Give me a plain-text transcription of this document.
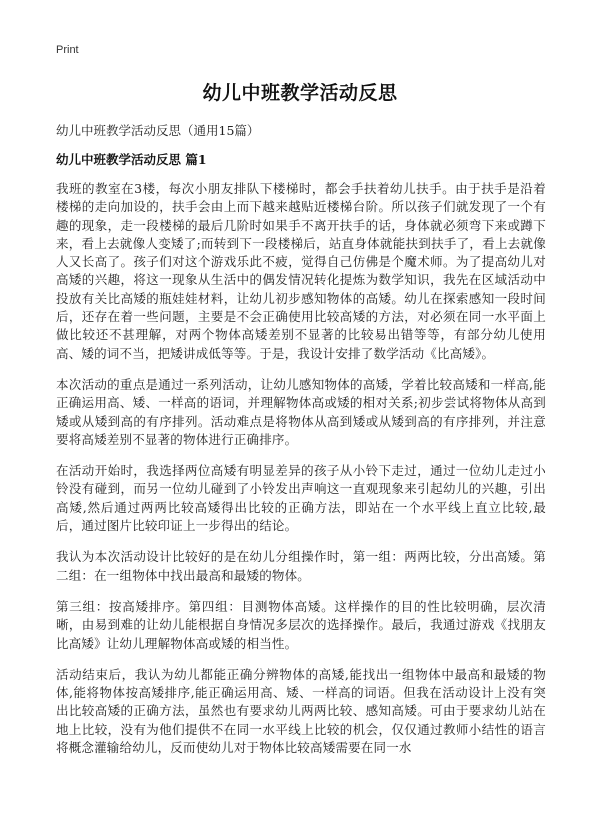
Print
幼儿中班教学活动反思
幼儿中班教学活动反思（通用15篇）
幼儿中班教学活动反思 篇1

我班的教室在3楼，每次小朋友排队下楼梯时，都会手扶着幼儿扶手。由于扶手是沿着楼梯的走向加设的，扶手会由上而下越来越贴近楼梯台阶。所以孩子们就发现了一个有趣的现象，走一段楼梯的最后几阶时如果手不离开扶手的话，身体就必须弯下来或蹲下来，看上去就像人变矮了;而转到下一段楼梯后，站直身体就能扶到扶手了，看上去就像人又长高了。孩子们对这个游戏乐此不疲，觉得自己仿佛是个魔术师。为了提高幼儿对高矮的兴趣，将这一现象从生活中的偶发情况转化提炼为数学知识，我先在区域活动中投放有关比高矮的瓶娃娃材料，让幼儿初步感知物体的高矮。幼儿在探索感知一段时间后，还存在着一些问题，主要是不会正确使用比较高矮的方法，对必须在同一水平面上做比较还不甚理解，对两个物体高矮差别不显著的比较易出错等等，有部分幼儿使用高、矮的词不当，把矮讲成低等等。于是，我设计安排了数学活动《比高矮》。

本次活动的重点是通过一系列活动，让幼儿感知物体的高矮，学着比较高矮和一样高,能正确运用高、矮、一样高的语词，并理解物体高或矮的相对关系;初步尝试将物体从高到矮或从矮到高的有序排列。活动难点是将物体从高到矮或从矮到高的有序排列，并注意要将高矮差别不显著的物体进行正确排序。

在活动开始时，我选择两位高矮有明显差异的孩子从小铃下走过，通过一位幼儿走过小铃没有碰到，而另一位幼儿碰到了小铃发出声响这一直观现象来引起幼儿的兴趣，引出高矮,然后通过两两比较高矮得出比较的正确方法，即站在一个水平线上直立比较,最后，通过图片比较印证上一步得出的结论。

我认为本次活动设计比较好的是在幼儿分组操作时，第一组：两两比较，分出高矮。第二组：在一组物体中找出最高和最矮的物体。

第三组：按高矮排序。第四组：目测物体高矮。这样操作的目的性比较明确，层次清晰，由易到难的让幼儿能根据自身情况多层次的选择操作。最后，我通过游戏《找朋友比高矮》让幼儿理解物体高或矮的相当性。

活动结束后，我认为幼儿都能正确分辨物体的高矮,能找出一组物体中最高和最矮的物体,能将物体按高矮排序,能正确运用高、矮、一样高的词语。但我在活动设计上没有突出比较高矮的正确方法，虽然也有要求幼儿两两比较、感知高矮。可由于要求幼儿站在地上比较，没有为他们提供不在同一水平线上比较的机会，仅仅通过教师小结性的语言将概念灌输给幼儿，反而使幼儿对于物体比较高矮需要在同一水
